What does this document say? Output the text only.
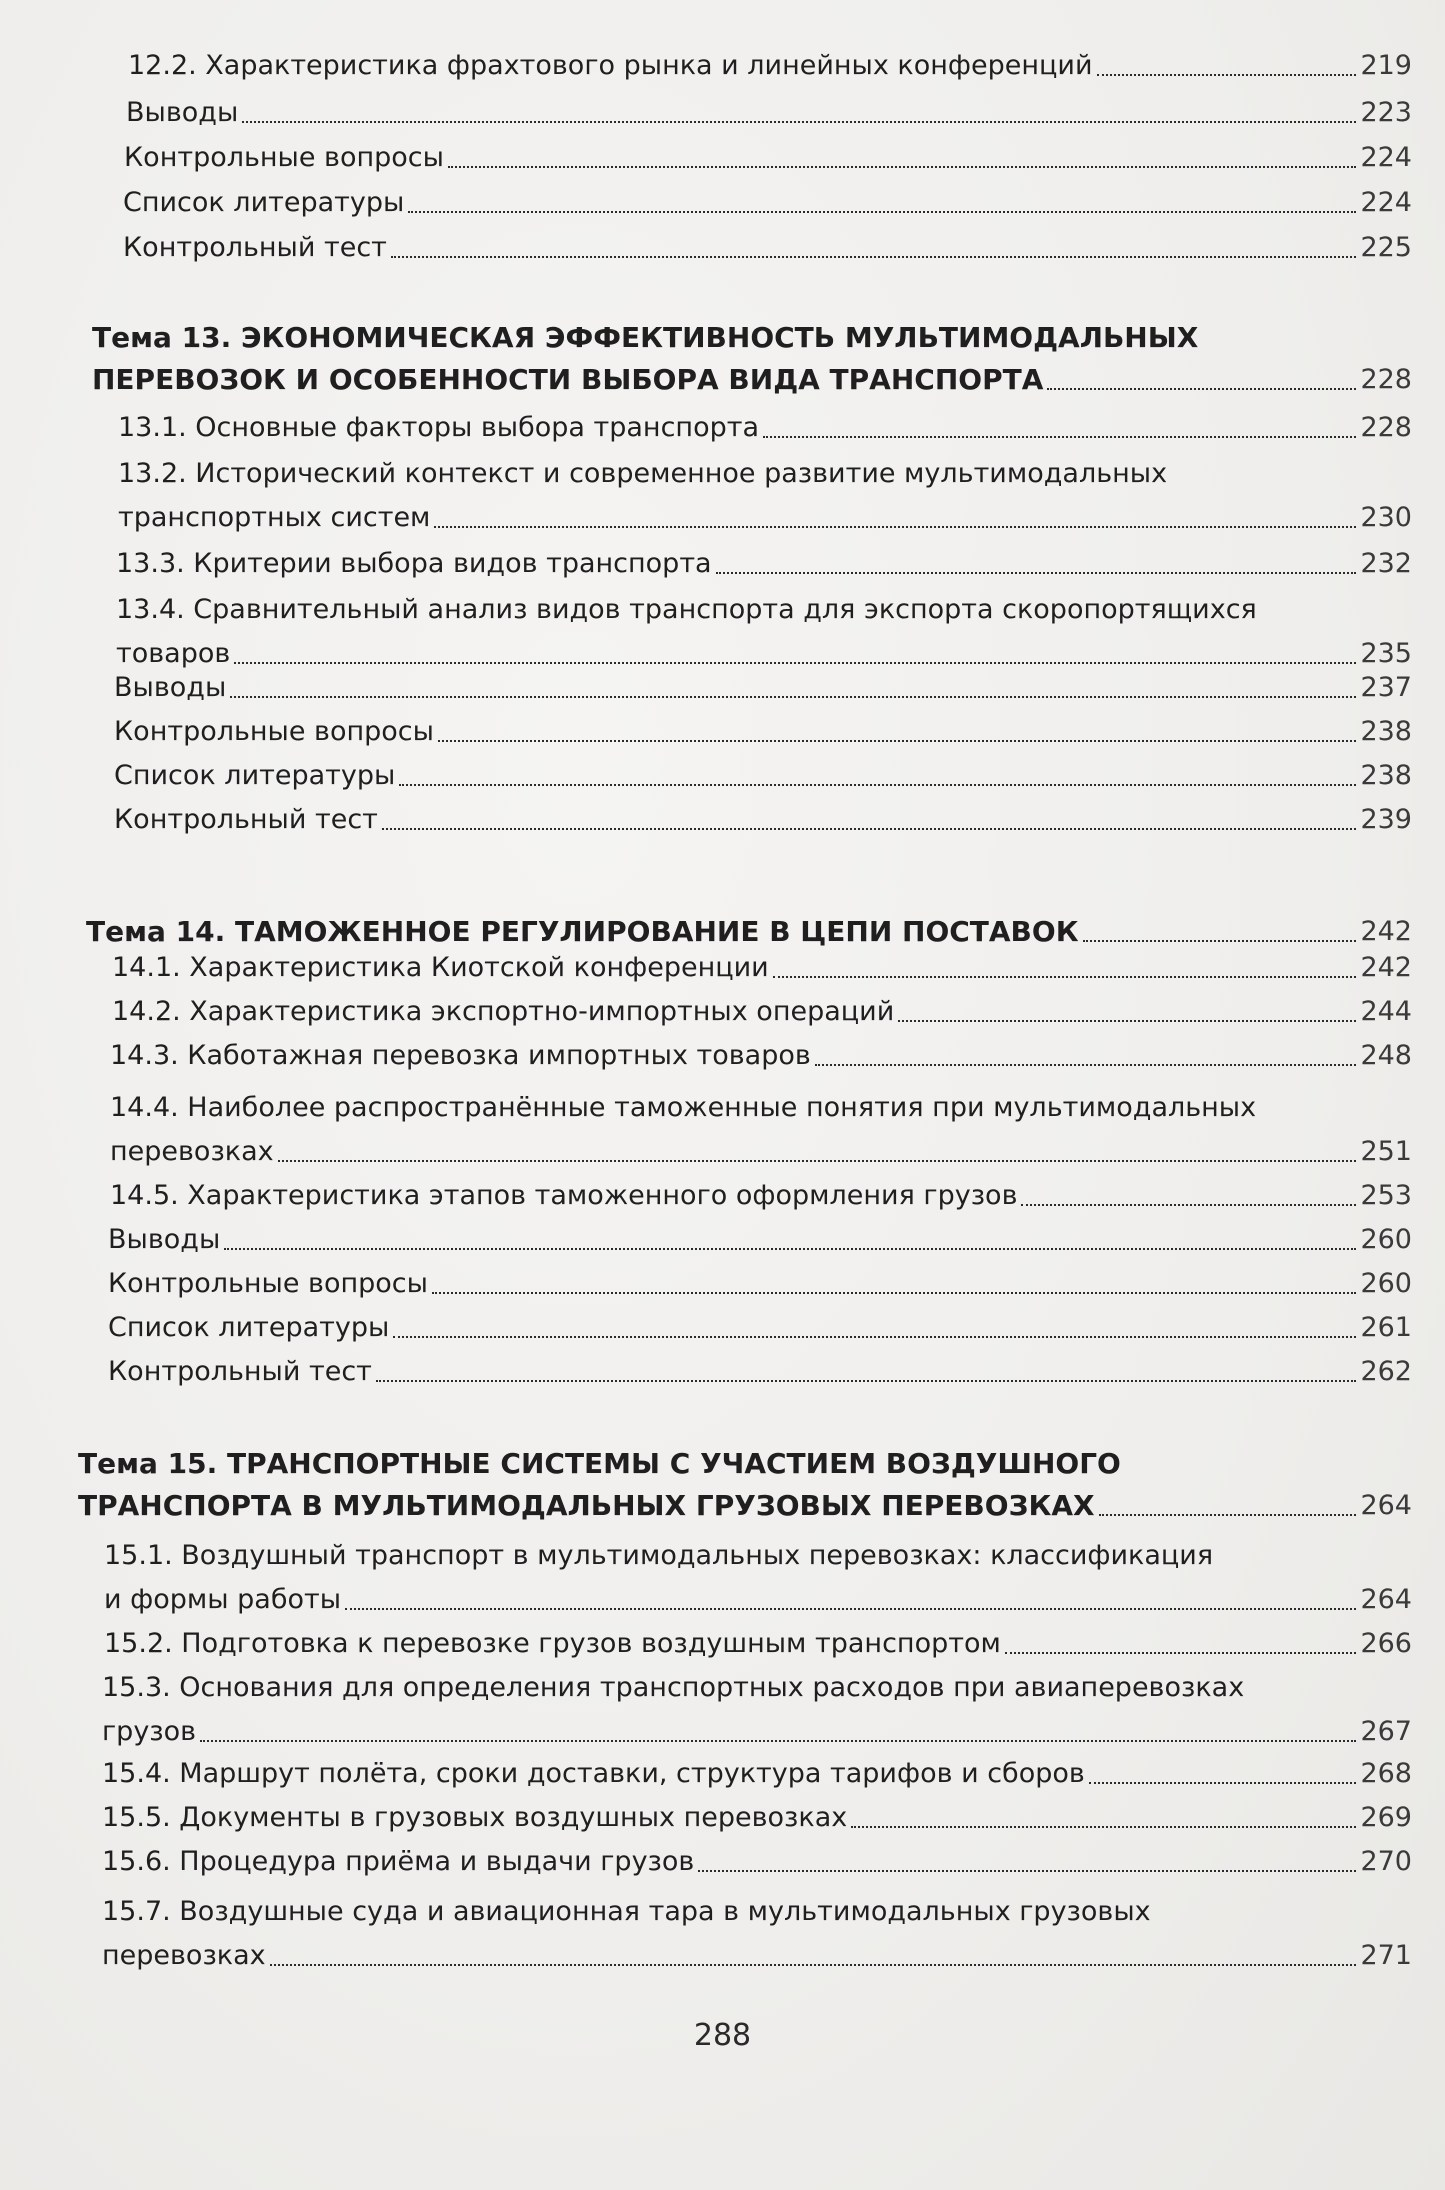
12.2. Характеристика фрахтового рынка и линейных конференций	219
Выводы	223
Контрольные вопросы	224
Список литературы	224
Контрольный тест	225
Тема 13. ЭКОНОМИЧЕСКАЯ ЭФФЕКТИВНОСТЬ МУЛЬТИМОДАЛЬНЫХ
ПЕРЕВОЗОК И ОСОБЕННОСТИ ВЫБОРА ВИДА ТРАНСПОРТА	228
13.1. Основные факторы выбора транспорта	228
13.2. Исторический контекст и современное развитие мультимодальных
транспортных систем	230
13.3. Критерии выбора видов транспорта	232
13.4. Сравнительный анализ видов транспорта для экспорта скоропортящихся
товаров	235
Выводы	237
Контрольные вопросы	238
Список литературы	238
Контрольный тест	239
Тема 14. ТАМОЖЕННОЕ РЕГУЛИРОВАНИЕ В ЦЕПИ ПОСТАВОК	242
14.1. Характеристика Киотской конференции	242
14.2. Характеристика экспортно-импортных операций	244
14.3. Каботажная перевозка импортных товаров	248
14.4. Наиболее распространённые таможенные понятия при мультимодальных
перевозках	251
14.5. Характеристика этапов таможенного оформления грузов	253
Выводы	260
Контрольные вопросы	260
Список литературы	261
Контрольный тест	262
Тема 15. ТРАНСПОРТНЫЕ СИСТЕМЫ С УЧАСТИЕМ ВОЗДУШНОГО
ТРАНСПОРТА В МУЛЬТИМОДАЛЬНЫХ ГРУЗОВЫХ ПЕРЕВОЗКАХ	264
15.1. Воздушный транспорт в мультимодальных перевозках: классификация
и формы работы	264
15.2. Подготовка к перевозке грузов воздушным транспортом	266
15.3. Основания для определения транспортных расходов при авиаперевозках
грузов	267
15.4. Маршрут полёта, сроки доставки, структура тарифов и сборов	268
15.5. Документы в грузовых воздушных перевозках	269
15.6. Процедура приёма и выдачи грузов	270
15.7. Воздушные суда и авиационная тара в мультимодальных грузовых
перевозках	271
288
